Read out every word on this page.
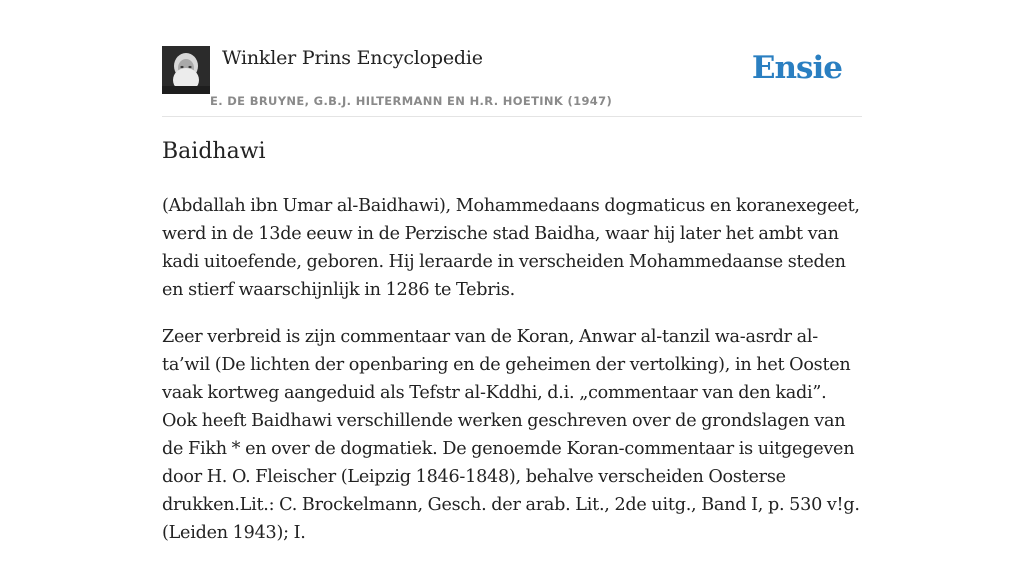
Winkler Prins Encyclopedie
E. DE BRUYNE, G.B.J. HILTERMANN EN H.R. HOETINK (1947)
Ensie
Baidhawi

(Abdallah ibn Umar al-Baidhawi), Mohammedaans dogmaticus en koranexegeet, werd in de 13de eeuw in de Perzische stad Baidha, waar hij later het ambt van kadi uitoefende, geboren. Hij leraarde in verscheiden Mohammedaanse steden en stierf waarschijnlijk in 1286 te Tebris.

Zeer verbreid is zijn commentaar van de Koran, Anwar al-tanzil wa-asrdr al-ta’wil (De lichten der openbaring en de geheimen der vertolking), in het Oosten vaak kortweg aangeduid als Tefstr al-Kddhi, d.i. „commentaar van den kadi”. Ook heeft Baidhawi verschillende werken geschreven over de grondslagen van de Fikh * en over de dogmatiek. De genoemde Koran-commentaar is uitgegeven door H. O. Fleischer (Leipzig 1846-1848), behalve verscheiden Oosterse drukken.Lit.: C. Brockelmann, Gesch. der arab. Lit., 2de uitg., Band I, p. 530 v!g. (Leiden 1943); I.
